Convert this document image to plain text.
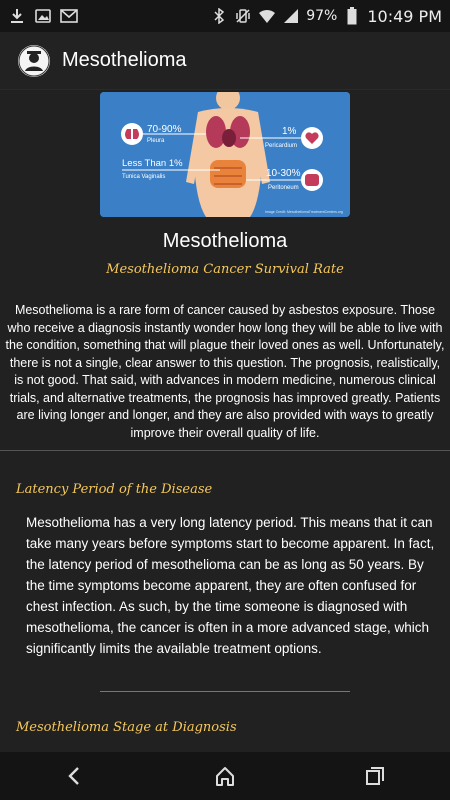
97% 10:49 PM
Mesothelioma
70-90%
Pleura
1%
Pericardium
Less Than 1%
Tunica Vaginalis	10-30%
Peritoneum
Image Credit: MesotheliomaTreatmentCenters.org
Mesothelioma
Mesothelioma Cancer Survival Rate

Mesothelioma is a rare form of cancer caused by asbestos exposure. Those who receive a diagnosis instantly wonder how long they will be able to live with the condition, something that will plague their loved ones as well. Unfortunately, there is not a single, clear answer to this question. The prognosis, realistically, is not good. That said, with advances in modern medicine, numerous clinical trials, and alternative treatments, the prognosis has improved greatly. Patients are living longer and longer, and they are also provided with ways to greatly improve their overall quality of life.

Latency Period of the Disease

Mesothelioma has a very long latency period. This means that it can take many years before symptoms start to become apparent. In fact, the latency period of mesothelioma can be as long as 50 years. By the time symptoms become apparent, they are often confused for chest infection. As such, by the time someone is diagnosed with mesothelioma, the cancer is often in a more advanced stage, which significantly limits the available treatment options.

Mesothelioma Stage at Diagnosis
